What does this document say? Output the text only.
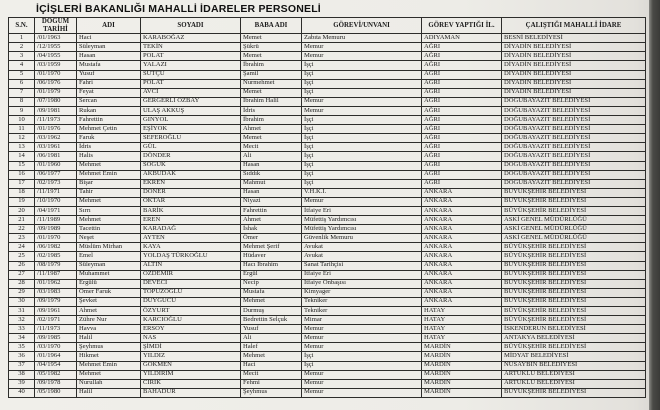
İÇİŞLERİ BAKANLIĞI MAHALLİ İDARELER PERSONELİ
S.N.	DOĞUM TARİHİ	ADI	SOYADI	BABA ADI	GÖREVİ/UNVANI	GÖREV YAPTIĞI İL.	ÇALIŞTIĞI MAHALLİ İDARE
1	/01/1963	Haci	KARABOĞAZ	Memet	Zabıta Memuru	ADIYAMAN	BESNİ BELEDİYESİ
2	/12/1955	Süleyman	TEKİN	Şükrü	Memur	AĞRI	DİYADİN BELEDİYESİ
3	/04/1955	Hasan	POLAT	Memet	Memur	AĞRI	DİYADİN BELEDİYESİ
4	/03/1959	Mustafa	YALAZI	İbrahim	İşçi	AĞRI	DİYADİN BELEDİYESİ
5	/01/1970	Yusuf	SÜTÇÜ	Şamil	İşçi	AĞRI	DİYADİN BELEDİYESİ
6	/06/1976	Fahri	POLAT	Nurmehmet	İşçi	AĞRI	DİYADİN BELEDİYESİ
7	/01/1979	Feyat	AVCI	Memet	İşçi	AĞRI	DİYADİN BELEDİYESİ
8	/07/1980	Sercan	GERGERLİ ÖZBAY	İbrahim Halil	Memur	AĞRI	DOĞUBAYAZIT BELEDİYESİ
9	/09/1981	Rukan	ULAŞ AKKUŞ	İdris	Memur	AĞRI	DOĞUBAYAZIT BELEDİYESİ
10	/11/1973	Fahrettin	GINYOL	İbrahim	İşçi	AĞRI	DOĞUBAYAZIT BELEDİYESİ
11	/01/1976	Mehmet Çetin	EŞİYOK	Ahmet	İşçi	AĞRI	DOĞUBAYAZIT BELEDİYESİ
12	/03/1962	Faruk	SEFEROĞLU	Memet	İşçi	AĞRI	DOĞUBAYAZIT BELEDİYESİ
13	/03/1961	İdris	GÜL	Mecit	İşçi	AĞRI	DOĞUBAYAZIT BELEDİYESİ
14	/06/1981	Halis	DÖNDER	Ali	İşçi	AĞRI	DOĞUBAYAZIT BELEDİYESİ
15	/01/1960	Mehmet	SOĞUK	Hasan	İşçi	AĞRI	DOĞUBAYAZIT BELEDİYESİ
16	/06/1977	Mehmet Emin	AKBUDAK	Sıddık	İşçi	AĞRI	DOĞUBAYAZIT BELEDİYESİ
17	/02/1973	Bişar	EKREN	Mahmut	İşçi	AĞRI	DOĞUBAYAZIT BELEDİYESİ
18	/11/1971	Tahir	DÖNER	Hasan	V.H.K.İ.	ANKARA	BÜYÜKŞEHİR BELEDİYESİ
19	/10/1970	Mehmet	OKTAR	Niyazi	Memur	ANKARA	BÜYÜKŞEHİR BELEDİYESİ
20	/04/1971	Sırrı	BARİK	Fahrettin	İtfaiye Eri	ANKARA	BÜYÜKŞEHİR BELEDİYESİ
21	/11/1989	Mehmet	EREN	Ahmet	Müfettiş Yardımcısı	ANKARA	ASKİ GENEL MÜDÜRLÜĞÜ
22	/09/1989	Tacettin	KARADAĞ	İshak	Müfettiş Yardımcısı	ANKARA	ASKİ GENEL MÜDÜRLÜĞÜ
23	/01/1970	Neşet	AYTEN	Ömer	Güvenlik Memuru	ANKARA	ASKİ GENEL MÜDÜRLÜĞÜ
24	/06/1982	Müslüm Mirhan	KAYA	Mehmet Şerif	Avukat	ANKARA	BÜYÜKŞEHİR BELEDİYESİ
25	/02/1985	Emel	YOLDAŞ TÜRKOĞLU	Hüdaver	Avukat	ANKARA	BÜYÜKŞEHİR BELEDİYESİ
26	/08/1979	Süleyman	ALTIN	Hacı İbrahim	Sanat Tarihçisi	ANKARA	BÜYÜKŞEHİR BELEDİYESİ
27	/11/1987	Muhammet	ÖZDEMİR	Ergül	İtfaiye Eri	ANKARA	BÜYÜKŞEHİR BELEDİYESİ
28	/01/1962	Ergülü	DEVECİ	Necip	İtfaiye Onbaşısı	ANKARA	BÜYÜKŞEHİR BELEDİYESİ
29	/03/1983	Ömer Faruk	TOPUZOĞLU	Mustafa	Kimyager	ANKARA	BÜYÜKŞEHİR BELEDİYESİ
30	/09/1979	Şevket	DUYGUCU	Mehmet	Tekniker	ANKARA	BÜYÜKŞEHİR BELEDİYESİ
31	/09/1961	Ahmet	ÖZYURT	Durmuş	Tekniker	HATAY	BÜYÜKŞEHİR BELEDİYESİ
32	/02/1971	Zühre Nur	KARCIOĞLU	Bedrettin Selçuk	Mimar	HATAY	BÜYÜKŞEHİR BELEDİYESİ
33	/11/1973	Havva	ERSOY	Yusuf	Memur	HATAY	İSKENDERUN BELEDİYESİ
34	/09/1985	Halil	NAS	Ali	Memur	HATAY	ANTAKYA BELEDİYESİ
35	/03/1970	Şeyhmus	ŞİMDİ	Halef	Memur	MARDİN	BÜYÜKŞEHİR BELEDİYESİ
36	/01/1964	Hikmet	YILDIZ	Mehmet	İşçi	MARDİN	MİDYAT BELEDİYESİ
37	/04/1954	Mehmet Emin	GÖKMEN	Haci	İşçi	MARDİN	NUSAYBİN BELEDİYESİ
38	/05/1982	Mehmet	YILDIRIM	Mecit	Memur	MARDİN	ARTUKLU BELEDİYESİ
39	/09/1978	Nurullah	CIRIK	Fehmi	Memur	MARDİN	ARTUKLU BELEDİYESİ
40	/05/1980	Halil	BAHADUR	Şeyhmus	Memur	MARDİN	BÜYÜKŞEHİR BELEDİYESİ
